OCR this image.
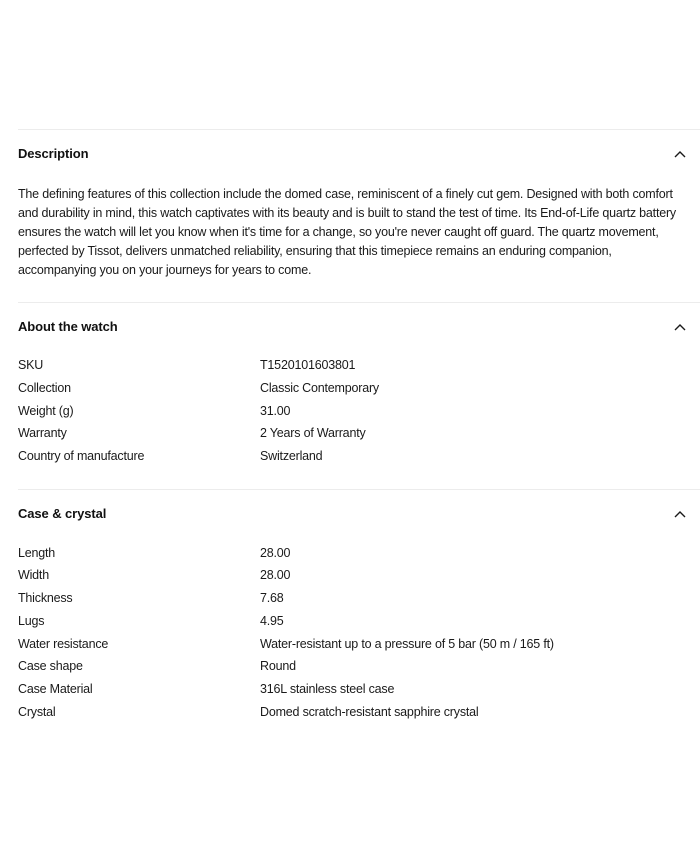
Description

The defining features of this collection include the domed case, reminiscent of a finely cut gem. Designed with both comfort and durability in mind, this watch captivates with its beauty and is built to stand the test of time. Its End-of-Life quartz battery ensures the watch will let you know when it's time for a change, so you're never caught off guard. The quartz movement, perfected by Tissot, delivers unmatched reliability, ensuring that this timepiece remains an enduring companion, accompanying you on your journeys for years to come.

About the watch
SKU	T1520101603801
Collection	Classic Contemporary
Weight (g)	31.00
Warranty	2 Years of Warranty
Country of manufacture	Switzerland
Case & crystal
Length	28.00
Width	28.00
Thickness	7.68
Lugs	4.95
Water resistance	Water-resistant up to a pressure of 5 bar (50 m / 165 ft)
Case shape	Round
Case Material	316L stainless steel case
Crystal	Domed scratch-resistant sapphire crystal
